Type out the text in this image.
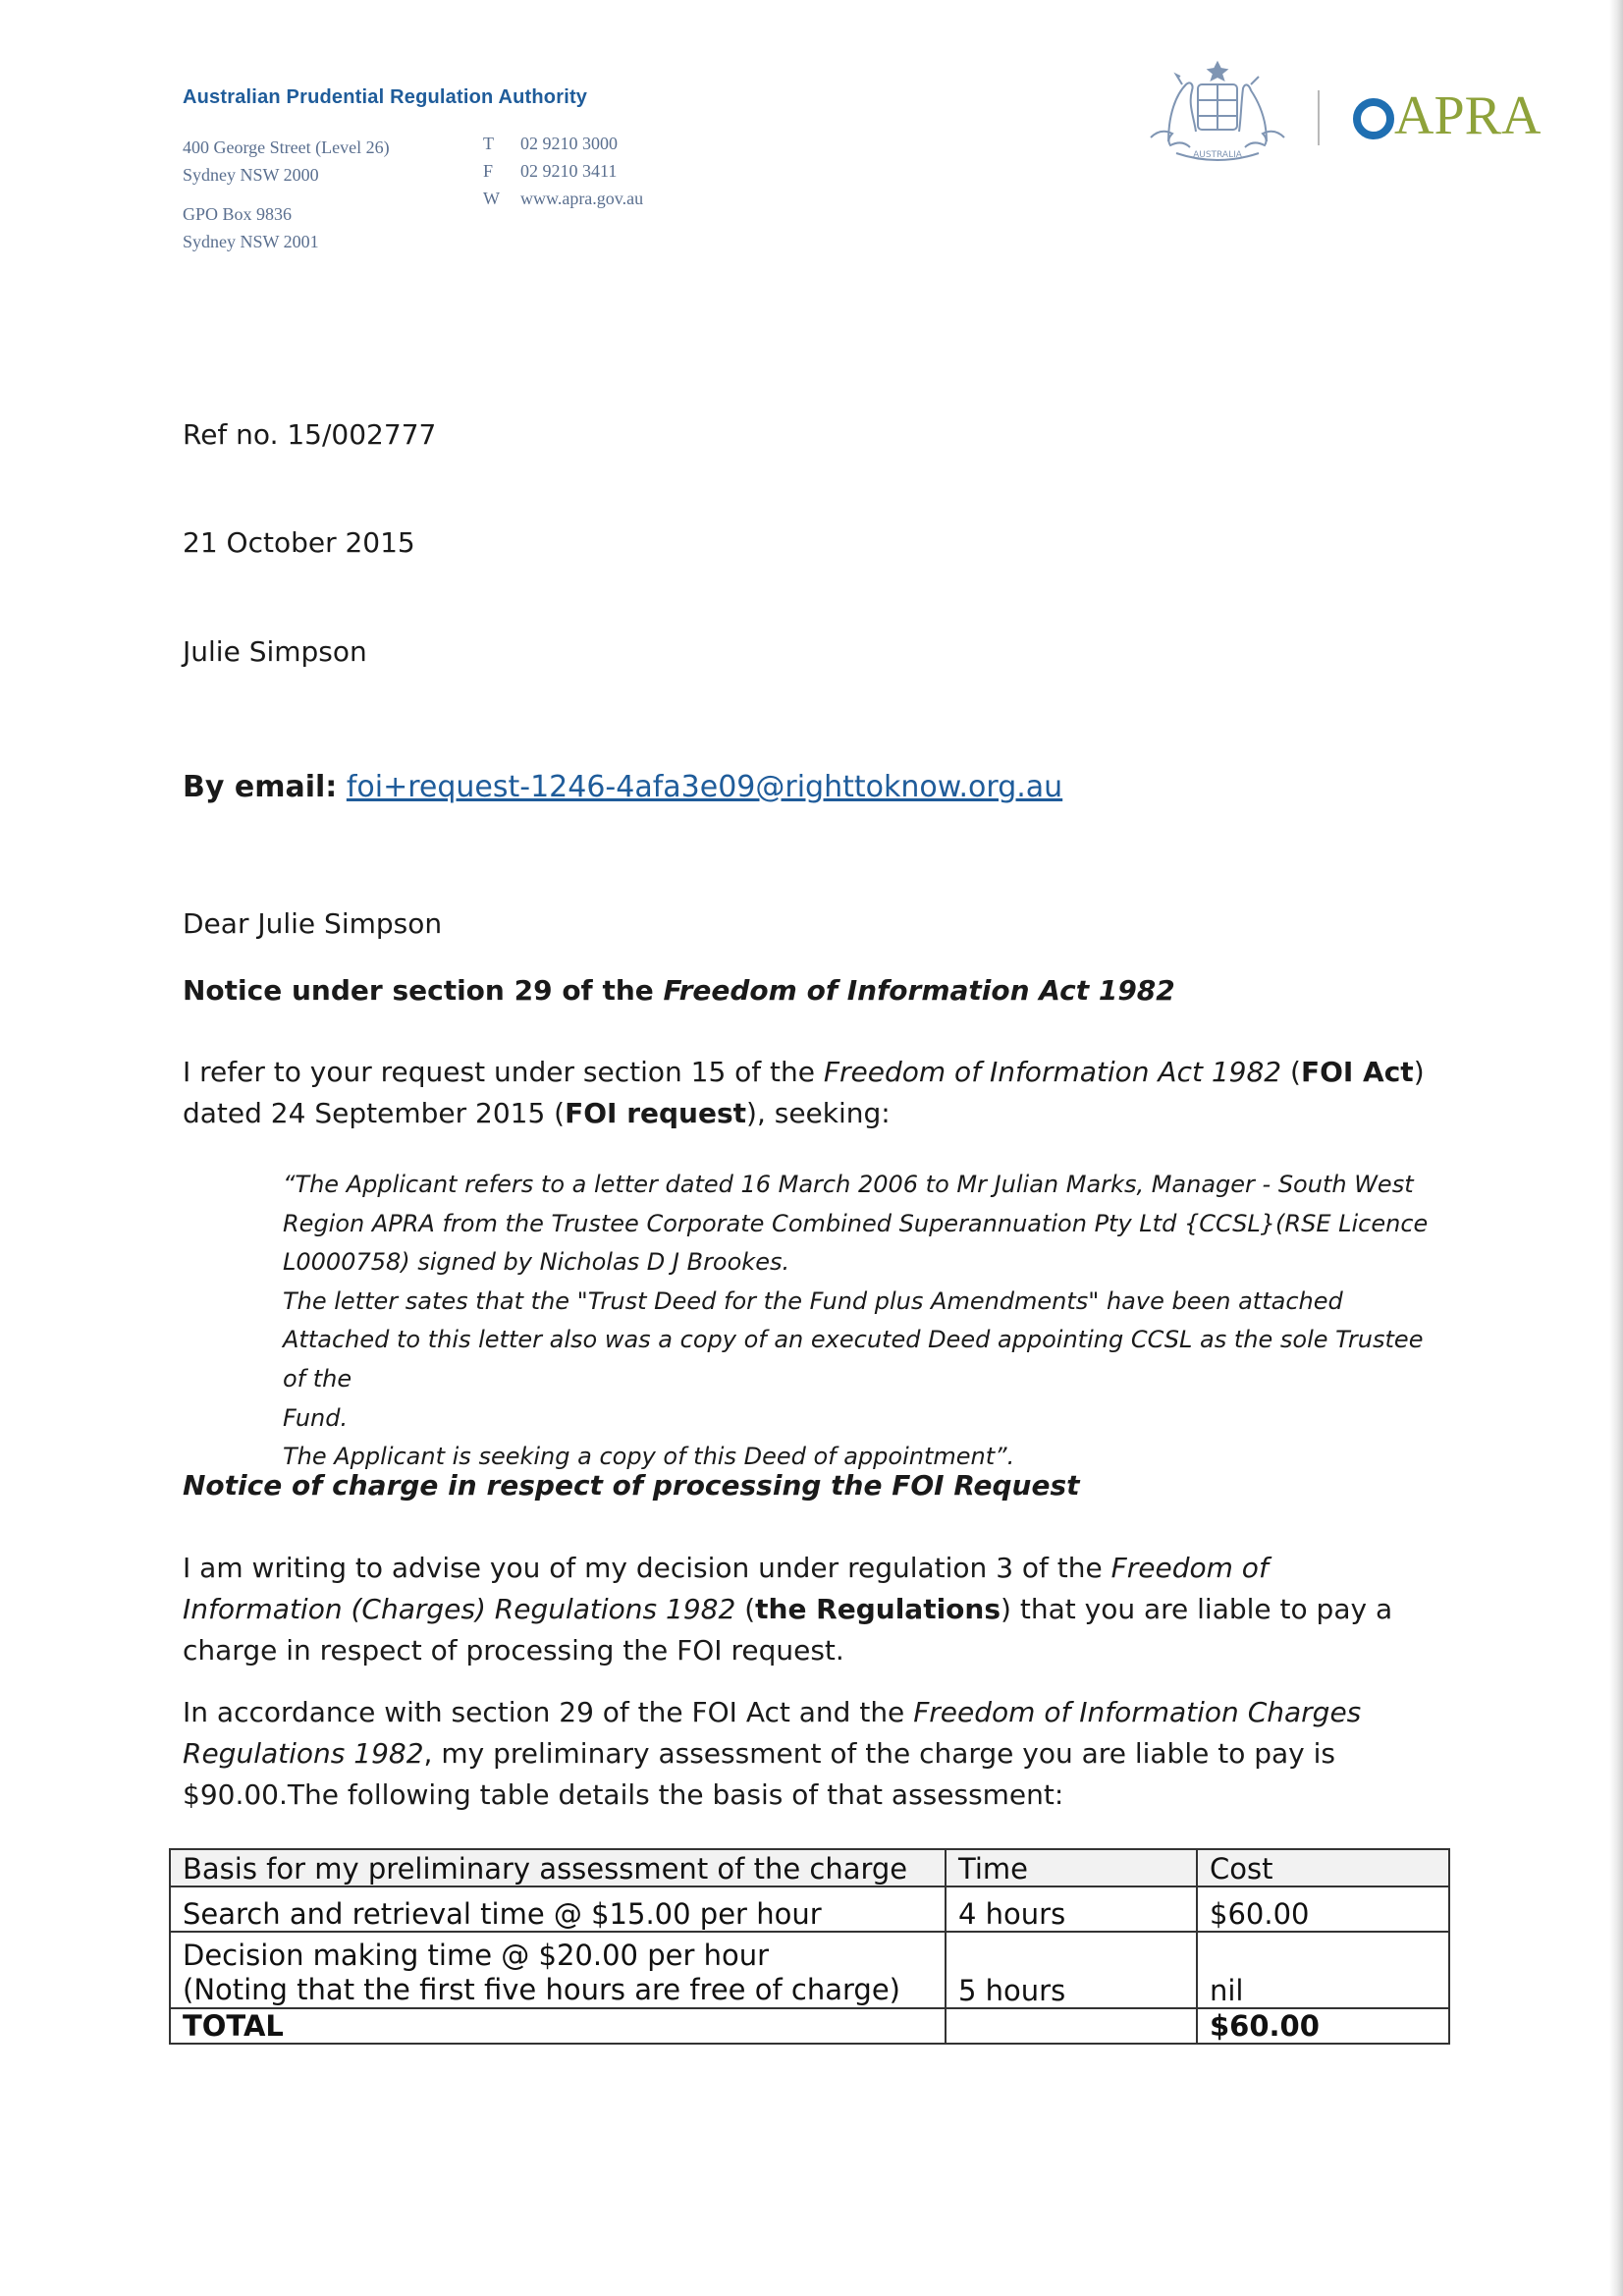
Australian Prudential Regulation Authority
400 George Street (Level 26)
Sydney NSW 2000
GPO Box 9836
Sydney NSW 2001
T	02 9210 3000
F	02 9210 3411
W www.apra.gov.au
AUSTRALIA
APRA
Ref no. 15/002777
21 October 2015
Julie Simpson
By email: foi+request-1246-4afa3e09@righttoknow.org.au
Dear Julie Simpson
Notice under section 29 of the Freedom of Information Act 1982
I refer to your request under section 15 of the Freedom of Information Act 1982 (FOI Act)
dated 24 September 2015 (FOI request), seeking:
“The Applicant refers to a letter dated 16 March 2006 to Mr Julian Marks, Manager - South West
Region APRA from the Trustee Corporate Combined Superannuation Pty Ltd {CCSL}(RSE Licence
L0000758) signed by Nicholas D J Brookes.
The letter sates that the "Trust Deed for the Fund plus Amendments" have been attached
Attached to this letter also was a copy of an executed Deed appointing CCSL as the sole Trustee of the
Fund.
The Applicant is seeking a copy of this Deed of appointment”.
Notice of charge in respect of processing the FOI Request
I am writing to advise you of my decision under regulation 3 of the Freedom of
Information (Charges) Regulations 1982 (the Regulations) that you are liable to pay a
charge in respect of processing the FOI request.
In accordance with section 29 of the FOI Act and the Freedom of Information Charges
Regulations 1982, my preliminary assessment of the charge you are liable to pay is
$90.00.The following table details the basis of that assessment:
Basis for my preliminary assessment of the charge	Time	Cost
Search and retrieval time @ $15.00 per hour	4 hours	$60.00

Decision making time @ $20.00 per hour
(Noting that the first five hours are free of charge)	5 hours	nil
TOTAL		$60.00
